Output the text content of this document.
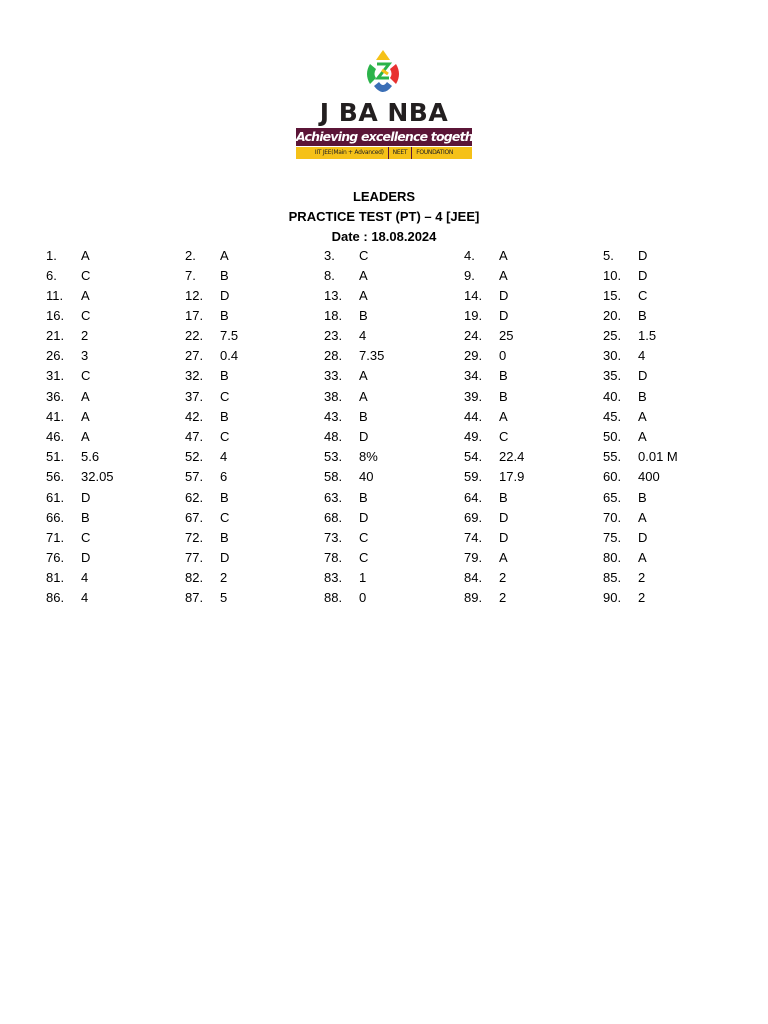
J BA NBA
Achieving excellence together
IIT JEE(Main + Advanced)	NEET	FOUNDATION
LEADERS
PRACTICE TEST (PT) – 4 [JEE]
Date : 18.08.2024
1. A	2. A	3. C	4. A	5. D
6. C	7. B	8. A	9. A	10. D
11. A	12. D	13. A	14. D	15. C
16. C	17. B	18. B	19. D	20. B
21. 2	22. 7.5	23. 4	24. 25	25. 1.5
26. 3	27. 0.4	28. 7.35	29. 0	30. 4
31. C	32. B	33. A	34. B	35. D
36. A	37. C	38. A	39. B	40. B
41. A	42. B	43. B	44. A	45. A
46. A	47. C	48. D	49. C	50. A
51. 5.6	52. 4	53. 8%	54. 22.4	55. 0.01 M
56. 32.05	57. 6	58. 40	59. 17.9	60. 400
61. D	62. B	63. B	64. B	65. B
66. B	67. C	68. D	69. D	70. A
71. C	72. B	73. C	74. D	75. D
76. D	77. D	78. C	79. A	80. A
81. 4	82. 2	83. 1	84. 2	85. 2
86. 4	87. 5	88. 0	89. 2	90. 2
